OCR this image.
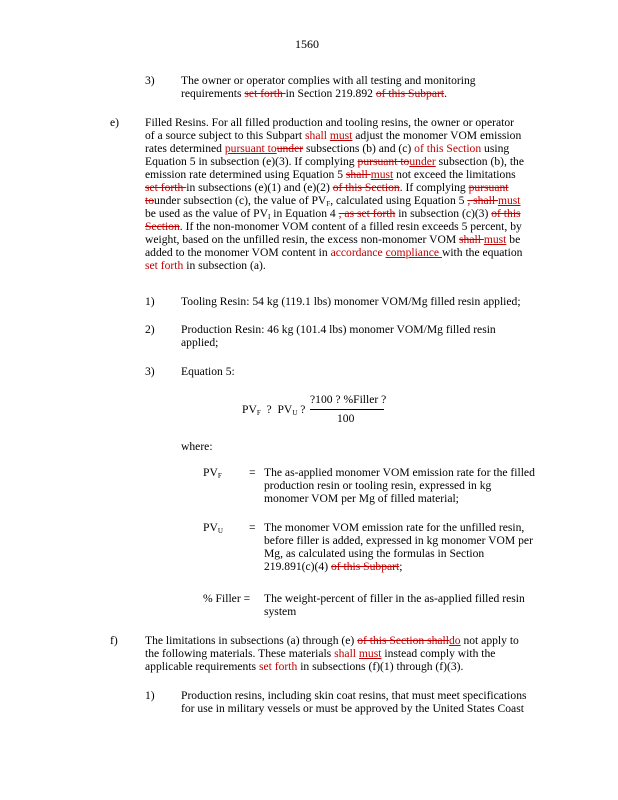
1560
3) The owner or operator complies with all testing and monitoring
requirements set forth in Section 219.892 of this Subpart.
e) Filled Resins. For all filled production and tooling resins, the owner or operator
of a source subject to this Subpart shall must adjust the monomer VOM emission
rates determined pursuant tounder subsections (b) and (c) of this Section using
Equation 5 in subsection (e)(3). If complying pursuant tounder subsection (b), the
emission rate determined using Equation 5 shall must not exceed the limitations
set forth in subsections (e)(1) and (e)(2) of this Section. If complying pursuant
tounder subsection (c), the value of $PV_F$, calculated using Equation 5 , shall must
be used as the value of $PV_I$ in Equation 4 , as set forth in subsection (c)(3) of this
Section. If the non-monomer VOM content of a filled resin exceeds 5 percent, by
weight, based on the unfilled resin, the excess non-monomer VOM shall must be
added to the monomer VOM content in accordance compliance with the equation
set forth in subsection (a).
1) Tooling Resin: 54 kg (119.1 lbs) monomer VOM/Mg filled resin applied;
2) Production Resin: 46 kg (101.4 lbs) monomer VOM/Mg filled resin
applied;
3) Equation 5:
$PV_F$ ? $PV_U$ ?
?100 ? %Filler ?
100
where:
$PV_F$ = The as-applied monomer VOM emission rate for the filled
production resin or tooling resin, expressed in kg
monomer VOM per Mg of filled material;
$PV_U$ = The monomer VOM emission rate for the unfilled resin,
before filler is added, expressed in kg monomer VOM per
Mg, as calculated using the formulas in Section
219.891(c)(4) of this Subpart;
% Filler = The weight-percent of filler in the as-applied filled resin
system
f) The limitations in subsections (a) through (e) of this Section shalldo not apply to
the following materials. These materials shall must instead comply with the
applicable requirements set forth in subsections (f)(1) through (f)(3).
1) Production resins, including skin coat resins, that must meet specifications
for use in military vessels or must be approved by the United States Coast
